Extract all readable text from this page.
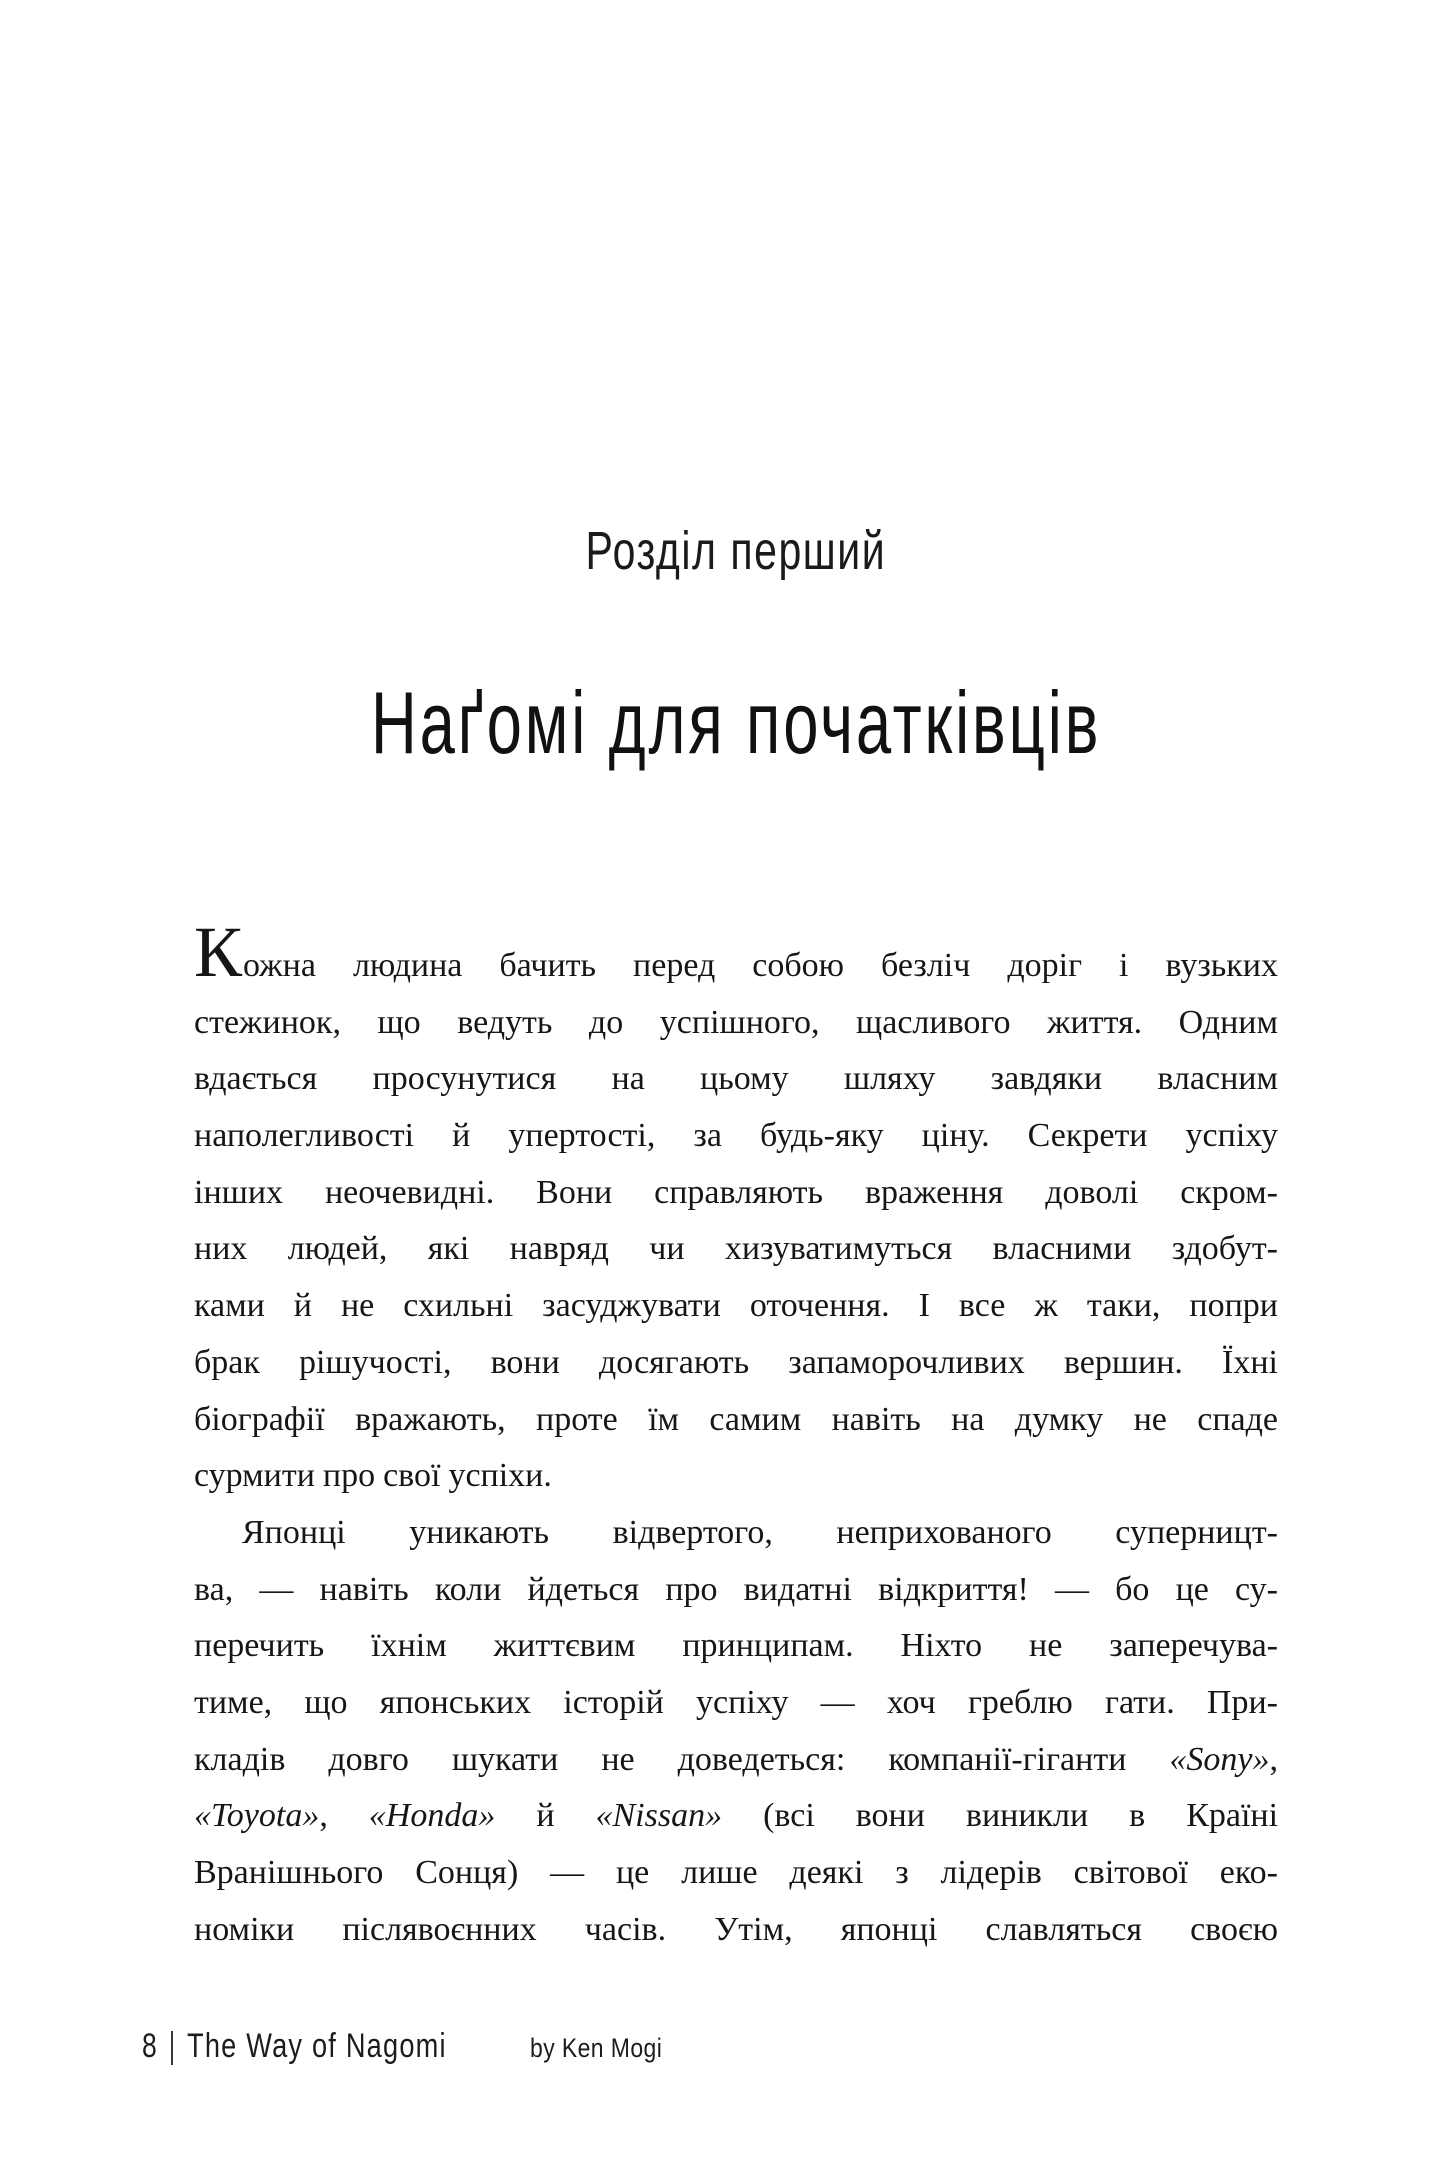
Розділ перший
Наґомі для початківців
Кожна людина бачить перед собою безліч доріг і вузьких
стежинок, що ведуть до успішного, щасливого життя. Одним
вдається просунутися на цьому шляху завдяки власним
наполегливості й упертості, за будь-яку ціну. Секрети успіху
інших неочевидні. Вони справляють враження доволі скром-
них людей, які навряд чи хизуватимуться власними здобут-
ками й не схильні засуджувати оточення. І все ж таки, попри
брак рішучості, вони досягають запаморочливих вершин. Їхні
біографії вражають, проте їм самим навіть на думку не спаде
сурмити про свої успіхи.
Японці уникають відвертого, неприхованого суперницт-
ва, — навіть коли йдеться про видатні відкриття! — бо це су-
перечить їхнім життєвим принципам. Ніхто не заперечува-
тиме, що японських історій успіху — хоч греблю гати. При-
кладів довго шукати не доведеться: компанії-гіганти «Sony»,
«Toyota», «Honda» й «Nissan» (всі вони виникли в Країні
Вранішнього Сонця) — це лише деякі з лідерів світової еко-
номіки післявоєнних часів. Утім, японці славляться своєю
8 The Way of Nagomi	by Ken Mogi
